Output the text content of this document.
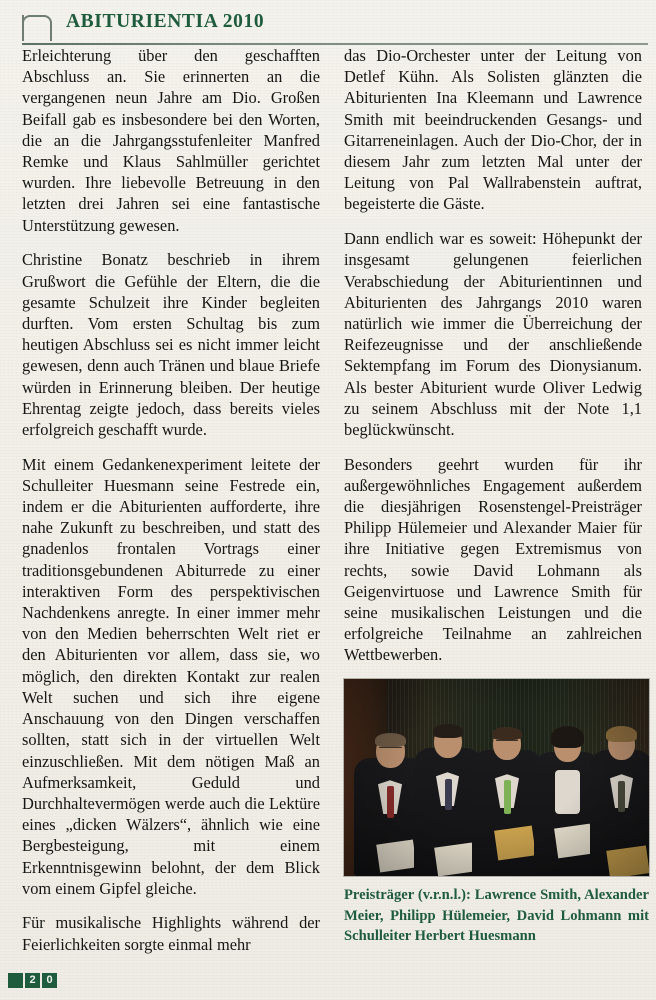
ABITURIENTIA 2010

Erleichterung über den geschafften Abschluss an. Sie erinnerten an die vergangenen neun Jahre am Dio. Großen Beifall gab es insbesondere bei den Worten, die an die Jahrgangsstufenleiter Manfred Remke und Klaus Sahlmüller gerichtet wurden. Ihre liebevolle Betreuung in den letzten drei Jahren sei eine fantastische Unterstützung gewesen.

Christine Bonatz beschrieb in ihrem Grußwort die Gefühle der Eltern, die die gesamte Schulzeit ihre Kinder begleiten durften. Vom ersten Schultag bis zum heutigen Abschluss sei es nicht immer leicht gewesen, denn auch Tränen und blaue Briefe würden in Erinnerung bleiben. Der heutige Ehrentag zeigte jedoch, dass bereits vieles erfolgreich geschafft wurde.

Mit einem Gedankenexperiment leitete der Schulleiter Huesmann seine Festrede ein, indem er die Abiturienten aufforderte, ihre nahe Zukunft zu beschreiben, und statt des gnadenlos frontalen Vortrags einer traditionsgebundenen Abiturrede zu einer interaktiven Form des perspektivischen Nachdenkens anregte. In einer immer mehr von den Medien beherrschten Welt riet er den Abiturienten vor allem, dass sie, wo möglich, den direkten Kontakt zur realen Welt suchen und sich ihre eigene Anschauung von den Dingen verschaffen sollten, statt sich in der virtuellen Welt einzuschließen. Mit dem nötigen Maß an Aufmerksamkeit, Geduld und Durchhaltevermögen werde auch die Lektüre eines „dicken Wälzers“, ähnlich wie eine Bergbesteigung, mit einem Erkenntnisgewinn belohnt, der dem Blick vom einem Gipfel gleiche.

Für musikalische Highlights während der Feierlichkeiten sorgte einmal mehr

das Dio-Orchester unter der Leitung von Detlef Kühn. Als Solisten glänzten die Abiturienten Ina Kleemann und Lawrence Smith mit beeindruckenden Gesangs- und Gitarreneinlagen. Auch der Dio-Chor, der in diesem Jahr zum letzten Mal unter der Leitung von Pal Wallrabenstein auftrat, begeisterte die Gäste.

Dann endlich war es soweit: Höhepunkt der insgesamt gelungenen feierlichen Verabschiedung der Abiturientinnen und Abiturienten des Jahrgangs 2010 waren natürlich wie immer die Überreichung der Reifezeugnisse und der anschließende Sektempfang im Forum des Dionysianum. Als bester Abiturient wurde Oliver Ledwig zu seinem Abschluss mit der Note 1,1 beglückwünscht.

Besonders geehrt wurden für ihr außergewöhnliches Engagement außerdem die diesjährigen Rosenstengel-Preisträger Philipp Hülemeier und Alexander Maier für ihre Initiative gegen Extremismus von rechts, sowie David Lohmann als Geigenvirtuose und Lawrence Smith für seine musikalischen Leistungen und die erfolgreiche Teilnahme an zahlreichen Wettbewerben.

Preisträger (v.r.n.l.): Lawrence Smith, Alexander Meier, Philipp Hülemeier, David Lohmann mit Schulleiter Herbert Huesmann
2 0
